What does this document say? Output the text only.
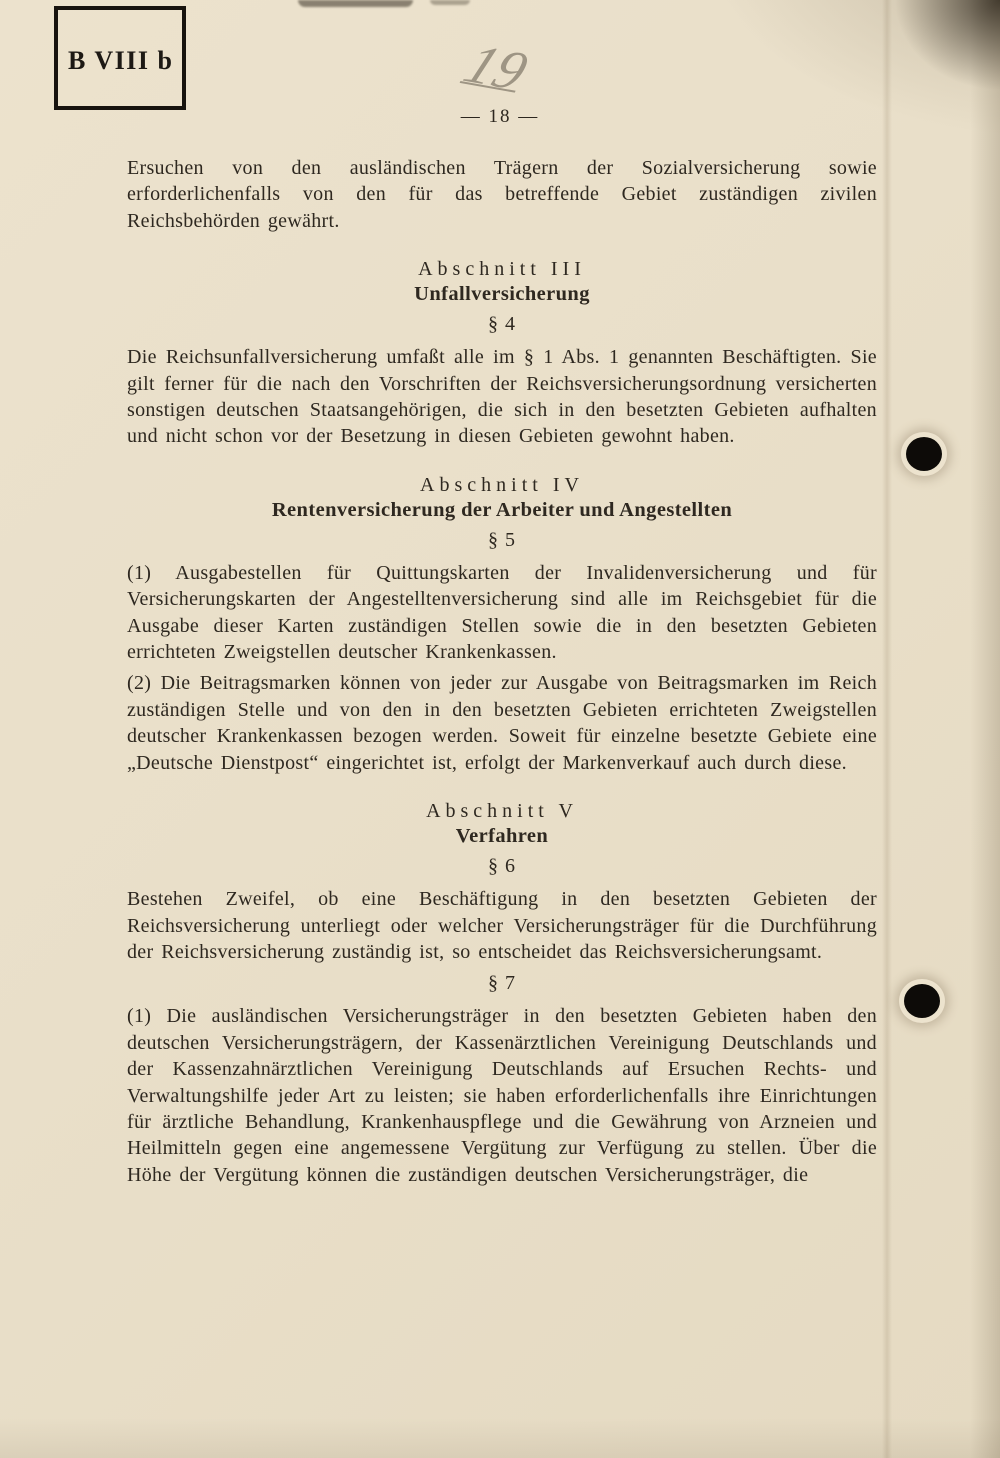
B VIII b	19
— 18 —

Ersuchen von den ausländischen Trägern der Sozialversicherung sowie erforderlichenfalls von den für das betreffende Gebiet zuständigen zivilen Reichsbehörden gewährt.

Abschnitt III
Unfallversicherung
§ 4

Die Reichsunfallversicherung umfaßt alle im § 1 Abs. 1 genannten Beschäftigten. Sie gilt ferner für die nach den Vorschriften der Reichsversicherungsordnung versicherten sonstigen deutschen Staatsangehörigen, die sich in den besetzten Gebieten aufhalten und nicht schon vor der Besetzung in diesen Gebieten gewohnt haben.

Abschnitt IV
Rentenversicherung der Arbeiter und Angestellten
§ 5

(1) Ausgabestellen für Quittungskarten der Invalidenversicherung und für Versicherungskarten der Angestelltenversicherung sind alle im Reichsgebiet für die Ausgabe dieser Karten zuständigen Stellen sowie die in den besetzten Gebieten errichteten Zweigstellen deutscher Krankenkassen.

(2) Die Beitragsmarken können von jeder zur Ausgabe von Beitragsmarken im Reich zuständigen Stelle und von den in den besetzten Gebieten errichteten Zweigstellen deutscher Krankenkassen bezogen werden. Soweit für einzelne besetzte Gebiete eine „Deutsche Dienstpost“ eingerichtet ist, erfolgt der Markenverkauf auch durch diese.

Abschnitt V
Verfahren
§ 6

Bestehen Zweifel, ob eine Beschäftigung in den besetzten Gebieten der Reichsversicherung unterliegt oder welcher Versicherungsträger für die Durchführung der Reichsversicherung zuständig ist, so entscheidet das Reichsversicherungsamt.

§ 7

(1) Die ausländischen Versicherungsträger in den besetzten Gebieten haben den deutschen Versicherungsträgern, der Kassenärztlichen Vereinigung Deutschlands und der Kassenzahnärztlichen Vereinigung Deutschlands auf Ersuchen Rechts- und Verwaltungshilfe jeder Art zu leisten; sie haben erforderlichenfalls ihre Einrichtungen für ärztliche Behandlung, Krankenhauspflege und die Gewährung von Arzneien und Heilmitteln gegen eine angemessene Vergütung zur Verfügung zu stellen. Über die Höhe der Vergütung können die zuständigen deutschen Versicherungsträger, die
